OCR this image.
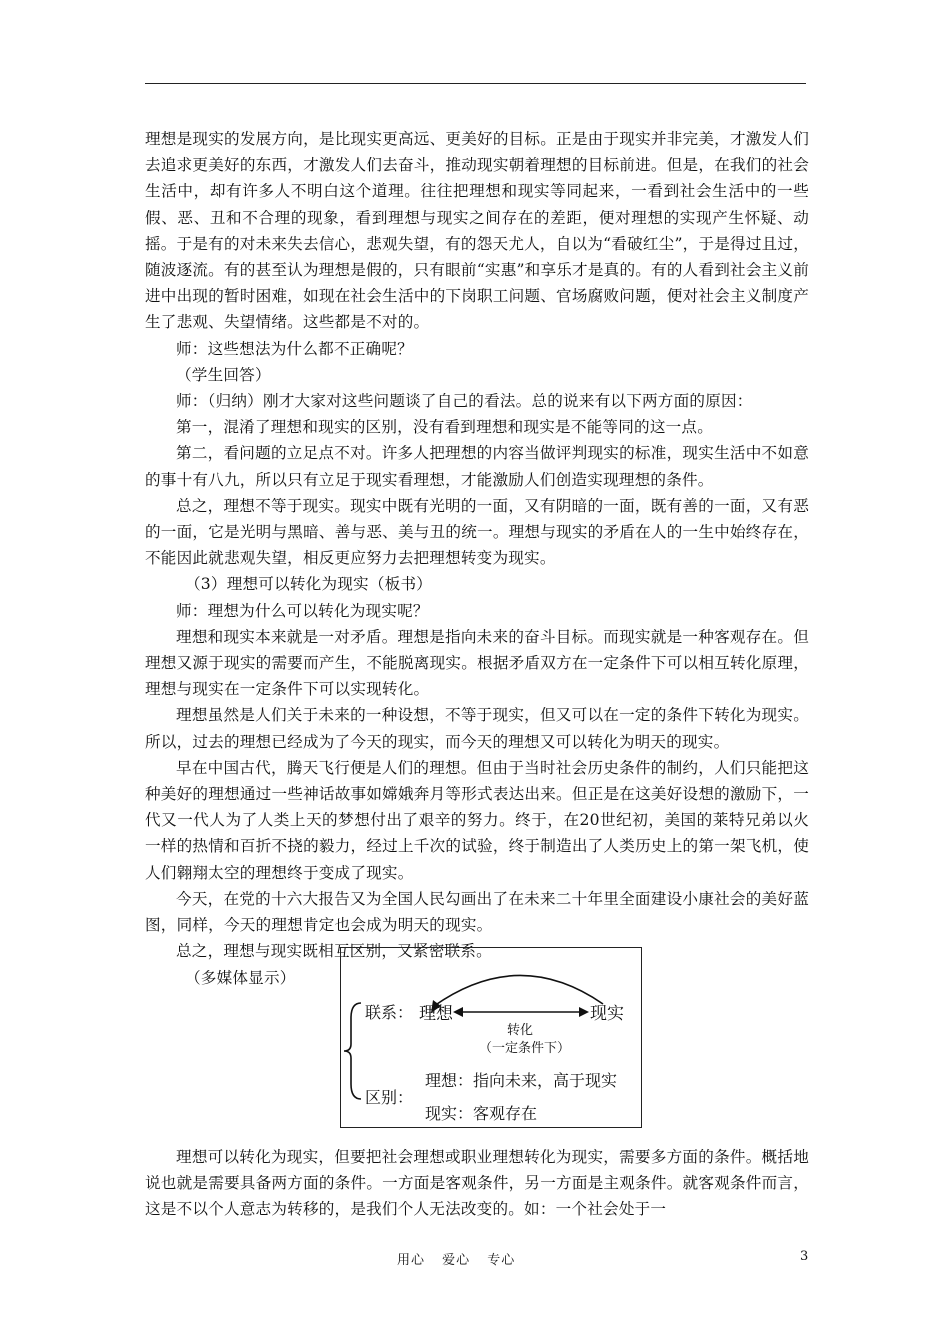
理想是现实的发展方向，是比现实更高远、更美好的目标。正是由于现实并非完美，才激发人们去追求更美好的东西，才激发人们去奋斗，推动现实朝着理想的目标前进。但是，在我们的社会生活中，却有许多人不明白这个道理。往往把理想和现实等同起来，一看到社会生活中的一些假、恶、丑和不合理的现象，看到理想与现实之间存在的差距，便对理想的实现产生怀疑、动摇。于是有的对未来失去信心，悲观失望，有的怨天尤人，自以为“看破红尘”，于是得过且过，随波逐流。有的甚至认为理想是假的，只有眼前“实惠”和享乐才是真的。有的人看到社会主义前进中出现的暂时困难，如现在社会生活中的下岗职工问题、官场腐败问题，便对社会主义制度产生了悲观、失望情绪。这些都是不对的。

师：这些想法为什么都不正确呢？

（学生回答）

师：（归纳）刚才大家对这些问题谈了自己的看法。总的说来有以下两方面的原因：

第一，混淆了理想和现实的区别，没有看到理想和现实是不能等同的这一点。

第二，看问题的立足点不对。许多人把理想的内容当做评判现实的标准，现实生活中不如意的事十有八九，所以只有立足于现实看理想，才能激励人们创造实现理想的条件。

总之，理想不等于现实。现实中既有光明的一面，又有阴暗的一面，既有善的一面，又有恶的一面，它是光明与黑暗、善与恶、美与丑的统一。理想与现实的矛盾在人的一生中始终存在，不能因此就悲观失望，相反更应努力去把理想转变为现实。

（3）理想可以转化为现实（板书）

师：理想为什么可以转化为现实呢？

理想和现实本来就是一对矛盾。理想是指向未来的奋斗目标。而现实就是一种客观存在。但理想又源于现实的需要而产生，不能脱离现实。根据矛盾双方在一定条件下可以相互转化原理，理想与现实在一定条件下可以实现转化。

理想虽然是人们关于未来的一种设想，不等于现实，但又可以在一定的条件下转化为现实。所以，过去的理想已经成为了今天的现实，而今天的理想又可以转化为明天的现实。

早在中国古代，腾天飞行便是人们的理想。但由于当时社会历史条件的制约，人们只能把这种美好的理想通过一些神话故事如嫦娥奔月等形式表达出来。但正是在这美好设想的激励下，一代又一代人为了人类上天的梦想付出了艰辛的努力。终于，在20世纪初，美国的莱特兄弟以火一样的热情和百折不挠的毅力，经过上千次的试验，终于制造出了人类历史上的第一架飞机，使人们翱翔太空的理想终于变成了现实。

今天，在党的十六大报告又为全国人民勾画出了在未来二十年里全面建设小康社会的美好蓝图，同样，今天的理想肯定也会成为明天的现实。

总之，理想与现实既相互区别，又紧密联系。

（多媒体显示）

联系： 理想	现实
转化
（一定条件下）
区别：
理想：指向未来，高于现实
现实：客观存在

理想可以转化为现实，但要把社会理想或职业理想转化为现实，需要多方面的条件。概括地说也就是需要具备两方面的条件。一方面是客观条件，另一方面是主观条件。就客观条件而言，这是不以个人意志为转移的，是我们个人无法改变的。如：一个社会处于一

用心 爱心 专心	3
